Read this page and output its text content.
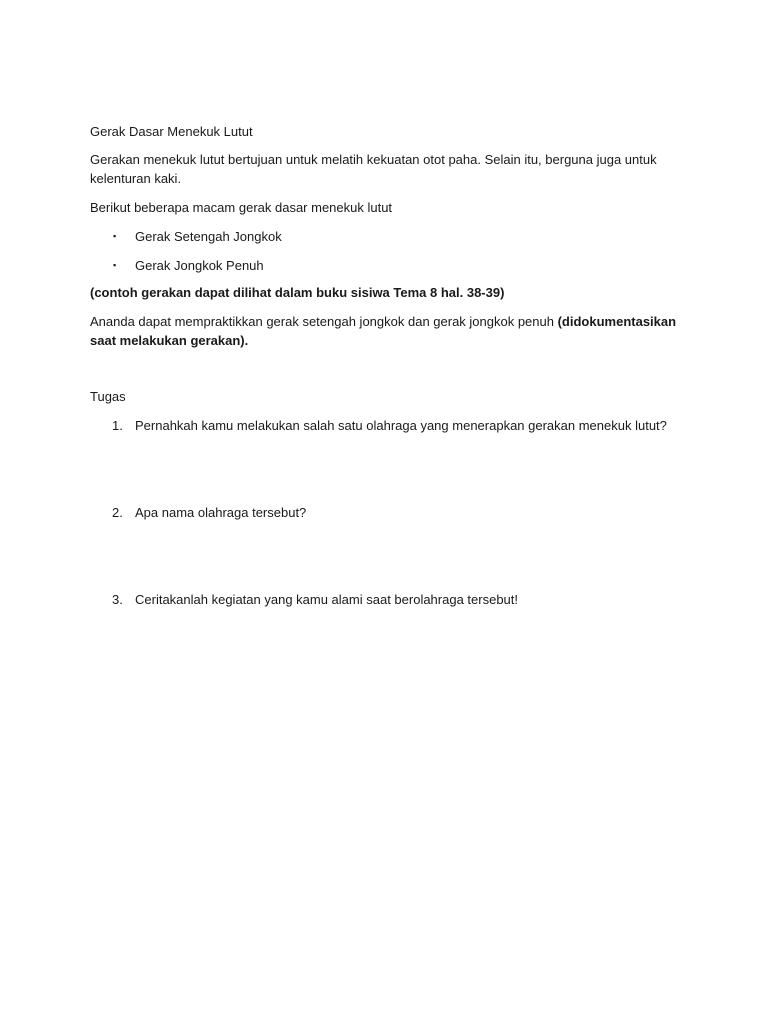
Gerak Dasar Menekuk Lutut

Gerakan menekuk lutut bertujuan untuk melatih kekuatan otot paha. Selain itu, berguna juga untuk kelenturan kaki.

Berikut beberapa macam gerak dasar menekuk lutut

▪ Gerak Setengah Jongkok
▪ Gerak Jongkok Penuh

(contoh gerakan dapat dilihat dalam buku sisiwa Tema 8 hal. 38-39)

Ananda dapat mempraktikkan gerak setengah jongkok dan gerak jongkok penuh (didokumentasikan saat melakukan gerakan).

Tugas
1. Pernahkah kamu melakukan salah satu olahraga yang menerapkan gerakan menekuk lutut?
2. Apa nama olahraga tersebut?
3. Ceritakanlah kegiatan yang kamu alami saat berolahraga tersebut!
